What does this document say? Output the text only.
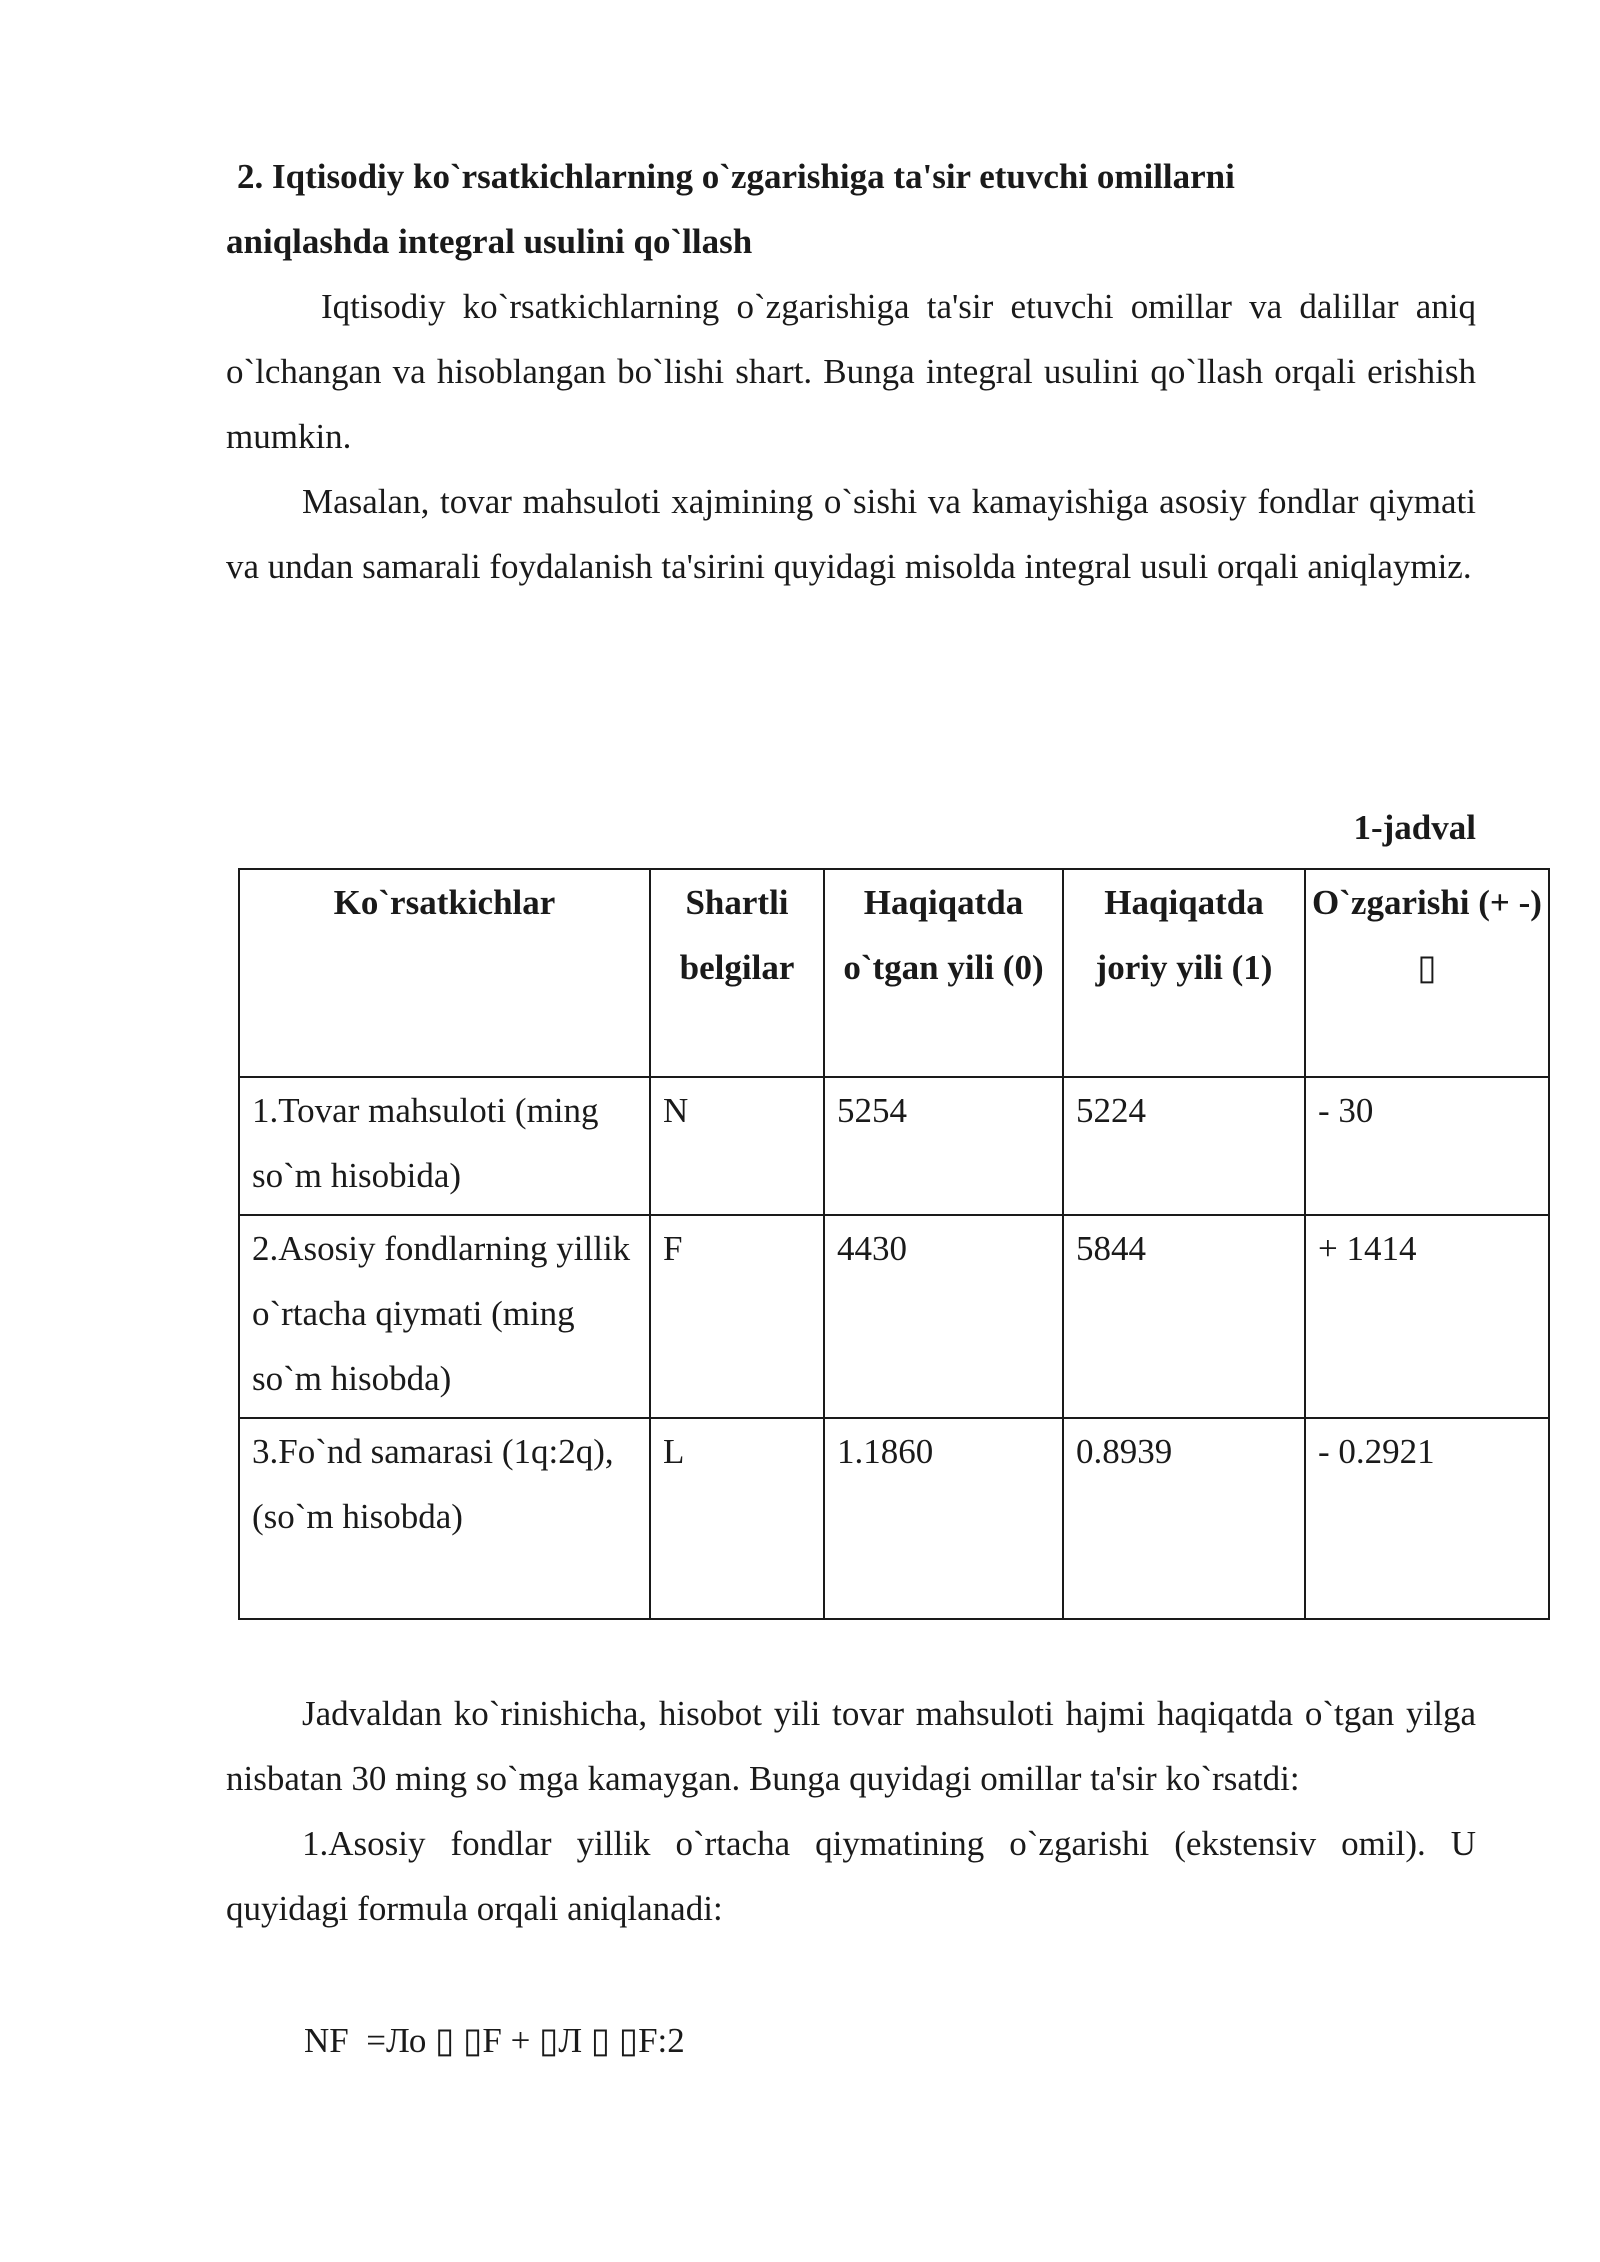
2. Iqtisodiy ko`rsatkichlarning o`zgarishiga ta'sir etuvchi omillarni
aniqlashda integral usulini qo`llash
Iqtisodiy ko`rsatkichlarning o`zgarishiga ta'sir etuvchi omillar va dalillar aniq o`lchangan va hisoblangan bo`lishi shart. Bunga integral usulini qo`llash orqali erishish mumkin.
Masalan, tovar mahsuloti xajmining o`sishi va kamayishiga asosiy fondlar qiymati va undan samarali foydalanish ta'sirini quyidagi misolda integral usuli orqali aniqlaymiz.
1-jadval
Ko`rsatkichlar	Shartli belgilar	Haqiqatda o`tgan yili (0)	Haqiqatda joriy yili (1)	O`zgarishi (+ -) ▯
1.Tovar mahsuloti (ming so`m hisobida)	N	5254	5224	- 30
2.Asosiy fondlarning yillik o`rtacha qiymati (ming so`m hisobda)	F	4430	5844	+ 1414
3.Fo`nd samarasi (1q:2q), (so`m hisobda)	L	1.1860	0.8939	- 0.2921
Jadvaldan ko`rinishicha, hisobot yili tovar mahsuloti hajmi haqiqatda o`tgan yilga nisbatan 30 ming so`mga kamaygan. Bunga quyidagi omillar ta'sir ko`rsatdi:
1.Asosiy fondlar yillik o`rtacha qiymatining o`zgarishi (ekstensiv omil). U quyidagi formula orqali aniqlanadi:
NF  =Ло ▯ ▯F + ▯Л ▯ ▯F:2
